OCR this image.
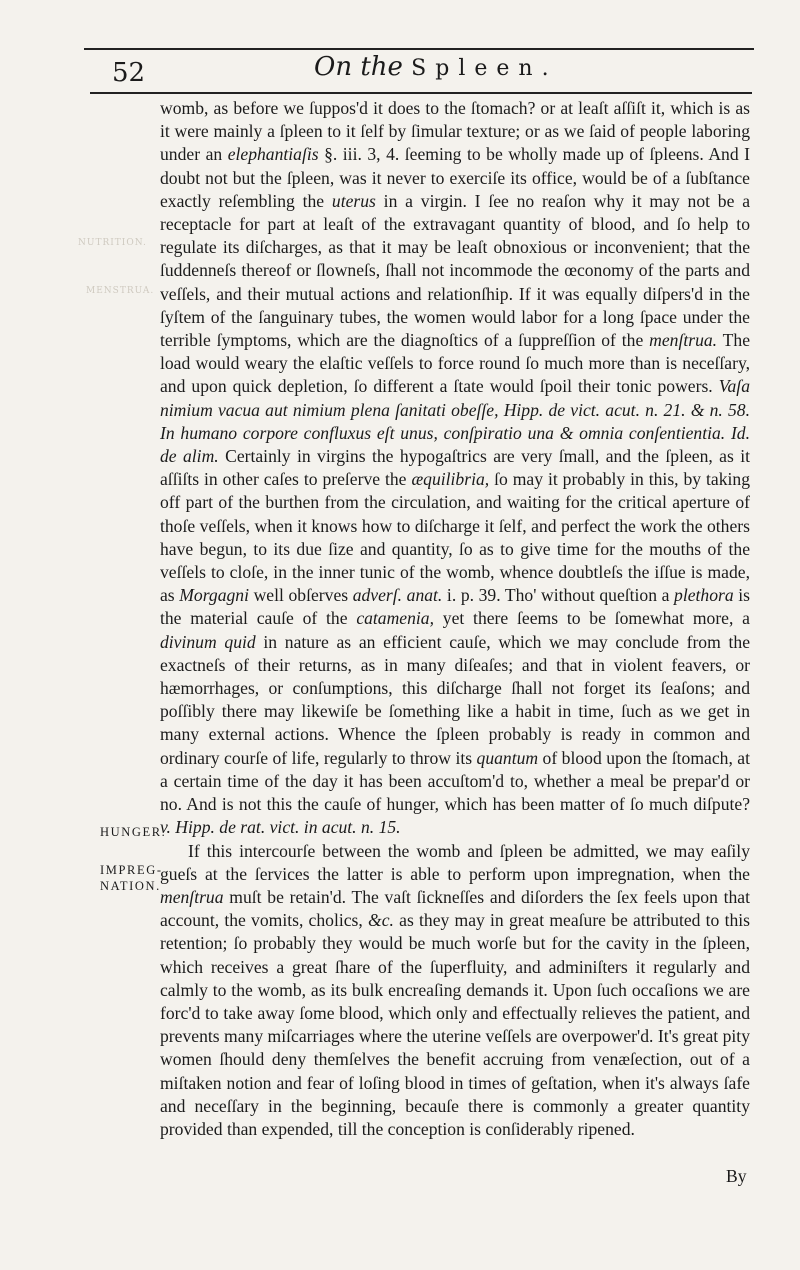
52	On the Spleen.
NUTRITION.
MENSTRUA.
HUNGER.
IMPREG-
NATION.

womb, as before we ſuppos'd it does to the ſtomach? or at leaſt aſſiſt it, which is as it were mainly a ſpleen to it ſelf by ſimular texture; or as we ſaid of people laboring under an elephantiaſis §. iii. 3, 4. ſeeming to be wholly made up of ſpleens. And I doubt not but the ſpleen, was it never to exerciſe its office, would be of a ſubſtance exactly reſembling the uterus in a virgin. I ſee no reaſon why it may not be a receptacle for part at leaſt of the extravagant quantity of blood, and ſo help to regulate its diſcharges, as that it may be leaſt obnoxious or inconvenient; that the ſuddenneſs thereof or ſlowneſs, ſhall not incommode the œconomy of the parts and veſſels, and their mutual actions and relationſhip. If it was equally diſpers'd in the ſyſtem of the ſanguinary tubes, the women would labor for a long ſpace under the terrible ſymptoms, which are the diagnoſtics of a ſuppreſſion of the menſtrua. The load would weary the elaſtic veſſels to force round ſo much more than is neceſſary, and upon quick depletion, ſo different a ſtate would ſpoil their tonic powers. Vaſa nimium vacua aut nimium plena ſanitati obeſſe, Hipp. de vict. acut. n. 21. & n. 58. In humano corpore confluxus eſt unus, conſpiratio una & omnia conſentientia. Id. de alim. Certainly in virgins the hypogaſtrics are very ſmall, and the ſpleen, as it aſſiſts in other caſes to preſerve the æquilibria, ſo may it probably in this, by taking off part of the burthen from the circulation, and waiting for the critical aperture of thoſe veſſels, when it knows how to diſcharge it ſelf, and perfect the work the others have begun, to its due ſize and quantity, ſo as to give time for the mouths of the veſſels to cloſe, in the inner tunic of the womb, whence doubtleſs the iſſue is made, as Morgagni well obſerves adverſ. anat. i. p. 39. Tho' without queſtion a plethora is the material cauſe of the catamenia, yet there ſeems to be ſomewhat more, a divinum quid in nature as an efficient cauſe, which we may conclude from the exactneſs of their returns, as in many diſeaſes; and that in violent feavers, or hæmorrhages, or conſumptions, this diſcharge ſhall not forget its ſeaſons; and poſſibly there may likewiſe be ſomething like a habit in time, ſuch as we get in many external actions. Whence the ſpleen probably is ready in common and ordinary courſe of life, regularly to throw its quantum of blood upon the ſtomach, at a certain time of the day it has been accuſtom'd to, whether a meal be prepar'd or no. And is not this the cauſe of hunger, which has been matter of ſo much diſpute? v. Hipp. de rat. vict. in acut. n. 15.

If this intercourſe between the womb and ſpleen be admitted, we may eaſily gueſs at the ſervices the latter is able to perform upon impregnation, when the menſtrua muſt be retain'd. The vaſt ſickneſſes and diſorders the ſex feels upon that account, the vomits, cholics, &c. as they may in great meaſure be attributed to this retention; ſo probably they would be much worſe but for the cavity in the ſpleen, which receives a great ſhare of the ſuperfluity, and adminiſters it regularly and calmly to the womb, as its bulk encreaſing demands it. Upon ſuch occaſions we are forc'd to take away ſome blood, which only and effectually relieves the patient, and prevents many miſcarriages where the uterine veſſels are overpower'd. It's great pity women ſhould deny themſelves the benefit accruing from venæſection, out of a miſtaken notion and fear of loſing blood in times of geſtation, when it's always ſafe and neceſſary in the beginning, becauſe there is commonly a greater quantity provided than expended, till the conception is conſiderably ripened.

By
